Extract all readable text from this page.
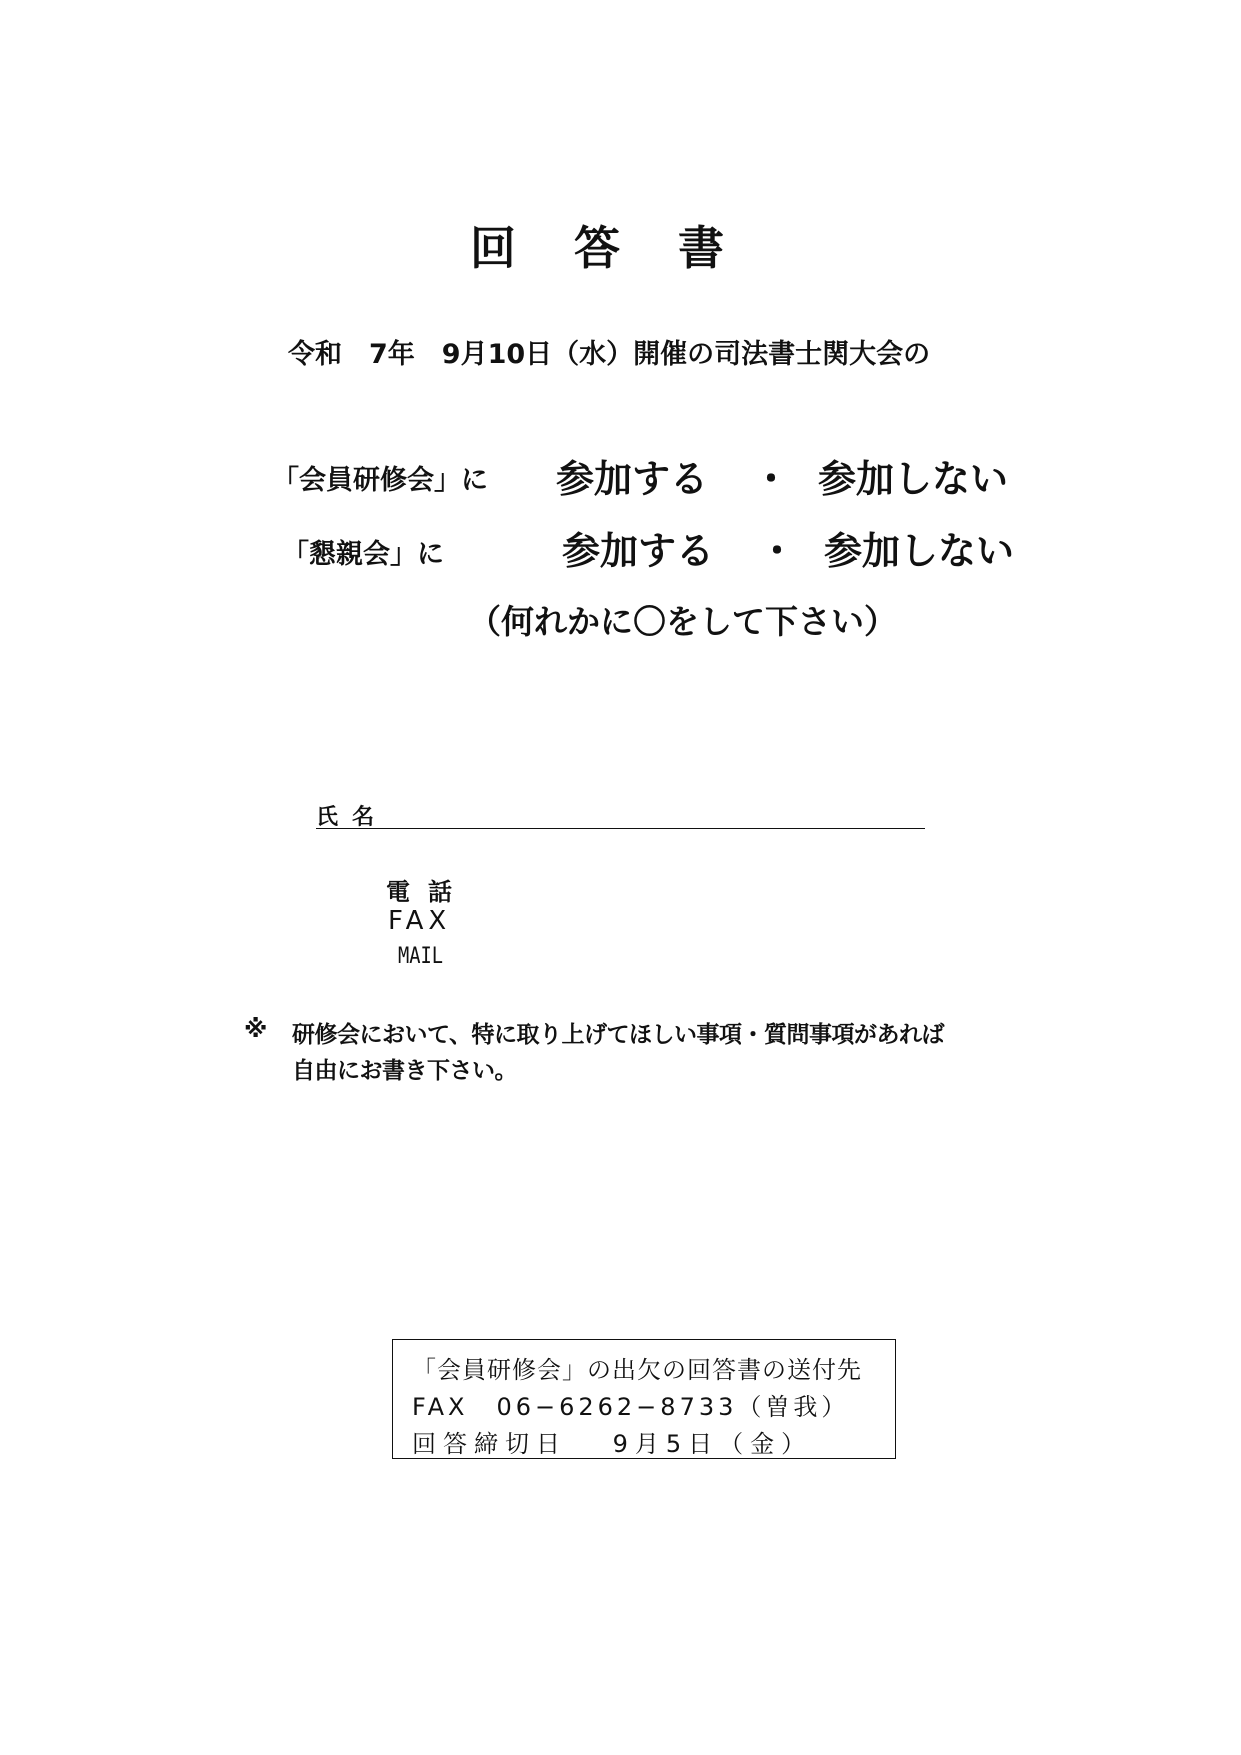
回 答 書
令和　7年　9月10日（水）開催の司法書士関大会の
「会員研修会」に 参加する ・ 参加しない
「懇親会」に	参加する ・ 参加しない
（何れかに〇をして下さい）
氏名
電話
FAX
MAIL
※ 研修会において、特に取り上げてほしい事項・質問事項があれば
自由にお書き下さい。
「会員研修会」の出欠の回答書の送付先
FAX　06−6262−8733（曽我）
回答締切日　 9月5日（金）
